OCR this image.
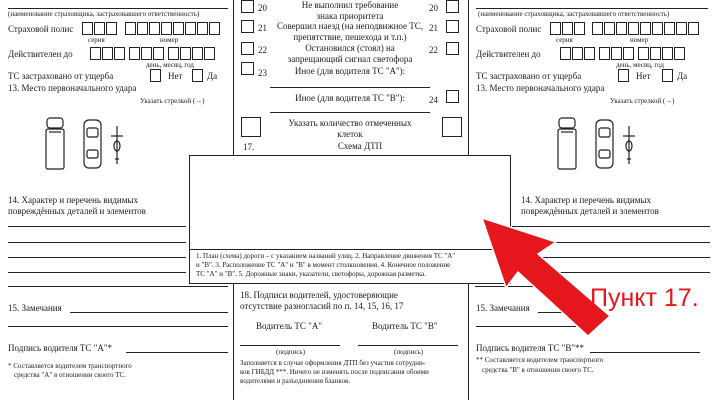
(наименование страховщика, застраховавшего ответственность)
Страховой полис
серия	номер
Действителен до
день, месяц, год
ТС застраховано от ущерба	Нет	Да
13. Место первоначального удара
Указать стрелкой (→)
14. Характер и перечень видимых
повреждённых деталей и элементов
15. Замечания
Подпись водителя ТС "А"*
* Составляется водителем транспортного
средства "А" в отношении своего ТС.
20	Не выполнил требование
знака приоритета
20
21 Совершил наезд (на неподвижное ТС,
препятствие, пешехода и т.п.)
21
22	Остановился (стоял) на
запрещающий сигнал светофора
22
23	Иное (для водителя ТС "А"):
Иное (для водителя ТС "В"):	24
Указать количество отмеченных
клеток
17.	Схема ДТП
1. План (схема) дороги – с указанием названий улиц. 2. Направление движения ТС "А"
и "В". 3. Расположение ТС "А" и "В" в момент столкновения. 4. Конечное положение
ТС "А" и "В". 5. Дорожные знаки, указатели, светофоры, дорожная разметка.
(наименование страховщика, застраховавшего ответственность)
Страховой полис
серия	номер
Действителен до
день, месяц, год
ТС застраховано от ущерба	Нет	Да
13. Место первоначального удара
Указать стрелкой (→)
14. Характер и перечень видимых
повреждённых деталей и элементов
15. Замечания
Подпись водителя ТС "В"**
** Составляется водителем транспортного
средства "В" в отношении своего ТС.
18. Подписи водителей, удостоверяющие
отсутствие разногласий по п. 14, 15, 16, 17
Водитель ТС "А"	Водитель ТС "В"
(подпись)	(подпись)
Заполняется в случае оформления ДТП без участия сотрудни-
ков ГИБДД ***. Ничего не изменять после подписания обоими
водителями и разъединения бланков.
Пункт 17.
